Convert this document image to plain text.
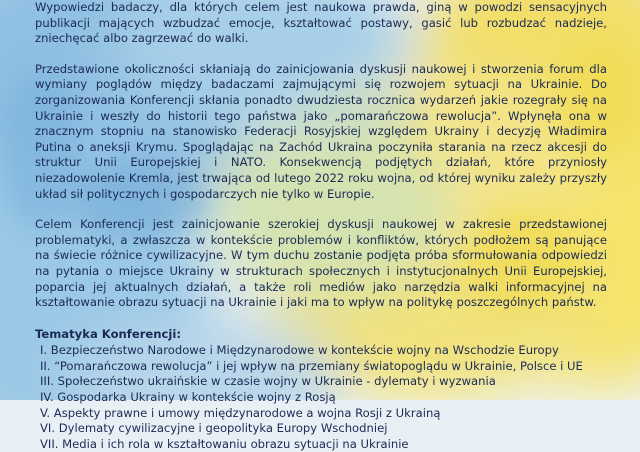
Wypowiedzi badaczy, dla których celem jest naukowa prawda, giną w powodzi sensacyjnych publikacji mających wzbudzać emocje, kształtować postawy, gasić lub rozbudzać nadzieje, zniechęcać albo zagrzewać do walki.

Przedstawione okoliczności skłaniają do zainicjowania dyskusji naukowej i stworzenia forum dla wymiany poglądów między badaczami zajmującymi się rozwojem sytuacji na Ukrainie. Do zorganizowania Konferencji skłania ponadto dwudziesta rocznica wydarzeń jakie rozegrały się na Ukrainie i weszły do historii tego państwa jako „pomarańczowa rewolucja”. Wpłynęła ona w znacznym stopniu na stanowisko Federacji Rosyjskiej względem Ukrainy i decyzję Władimira Putina o aneksji Krymu. Spoglądając na Zachód Ukraina poczyniła starania na rzecz akcesji do struktur Unii Europejskiej i NATO. Konsekwencją podjętych działań, które przyniosły niezadowolenie Kremla, jest trwająca od lutego 2022 roku wojna, od której wyniku zależy przyszły układ sił politycznych i gospodarczych nie tylko w Europie.

Celem Konferencji jest zainicjowanie szerokiej dyskusji naukowej w zakresie przedstawionej problematyki, a zwłaszcza w kontekście problemów i konfliktów, których podłożem są panujące na świecie różnice cywilizacyjne. W tym duchu zostanie podjęta próba sformułowania odpowiedzi na pytania o miejsce Ukrainy w strukturach społecznych i instytucjonalnych Unii Europejskiej, poparcia jej aktualnych działań, a także roli mediów jako narzędzia walki informacyjnej na kształtowanie obrazu sytuacji na Ukrainie i jaki ma to wpływ na politykę poszczególnych państw.

Tematyka Konferencji:
I. Bezpieczeństwo Narodowe i Międzynarodowe w kontekście wojny na Wschodzie Europy
II. “Pomarańczowa rewolucja” i jej wpływ na przemiany światopoglądu w Ukrainie, Polsce i UE
III. Społeczeństwo ukraińskie w czasie wojny w Ukrainie - dylematy i wyzwania
IV. Gospodarka Ukrainy w kontekście wojny z Rosją
V. Aspekty prawne i umowy międzynarodowe a wojna Rosji z Ukrainą
VI. Dylematy cywilizacyjne i geopolityka Europy Wschodniej
VII. Media i ich rola w kształtowaniu obrazu sytuacji na Ukrainie
